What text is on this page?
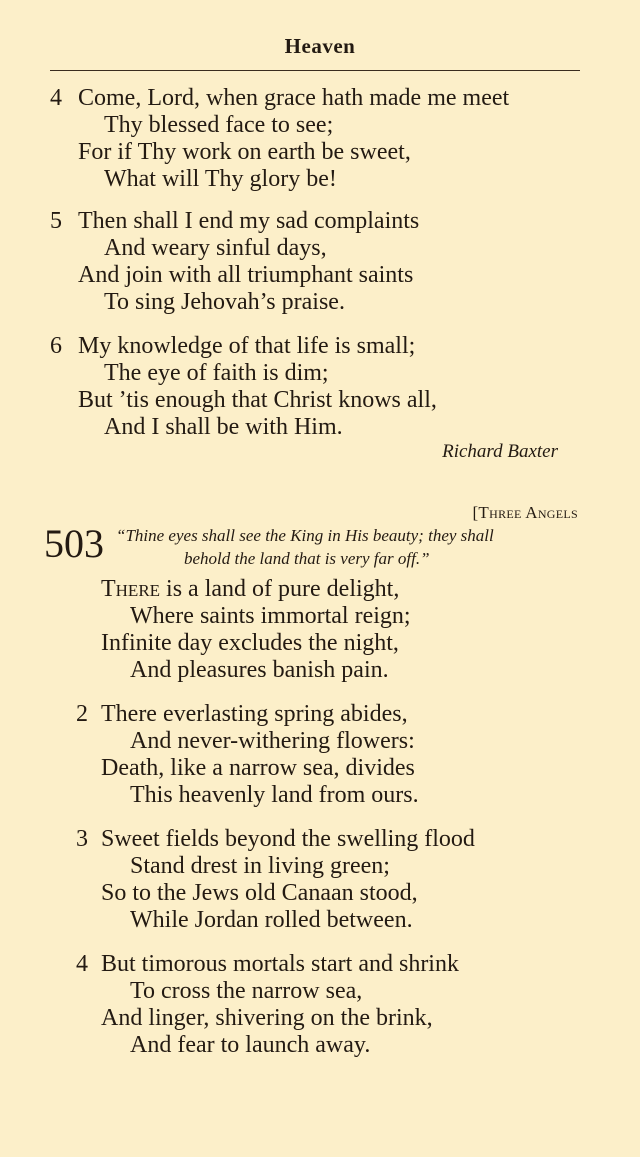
Heaven
4 Come, Lord, when grace hath made me meet
Thy blessed face to see;
For if Thy work on earth be sweet,
What will Thy glory be!
5 Then shall I end my sad complaints
And weary sinful days,
And join with all triumphant saints
To sing Jehovah’s praise.
6 My knowledge of that life is small;
The eye of faith is dim;
But ’tis enough that Christ knows all,
And I shall be with Him.
Richard Baxter
[Three Angels
503 “Thine eyes shall see the King in His beauty; they shall
behold the land that is very far off.”
There is a land of pure delight,
Where saints immortal reign;
Infinite day excludes the night,
And pleasures banish pain.
2 There everlasting spring abides,
And never-withering flowers:
Death, like a narrow sea, divides
This heavenly land from ours.
3 Sweet fields beyond the swelling flood
Stand drest in living green;
So to the Jews old Canaan stood,
While Jordan rolled between.
4 But timorous mortals start and shrink
To cross the narrow sea,
And linger, shivering on the brink,
And fear to launch away.
